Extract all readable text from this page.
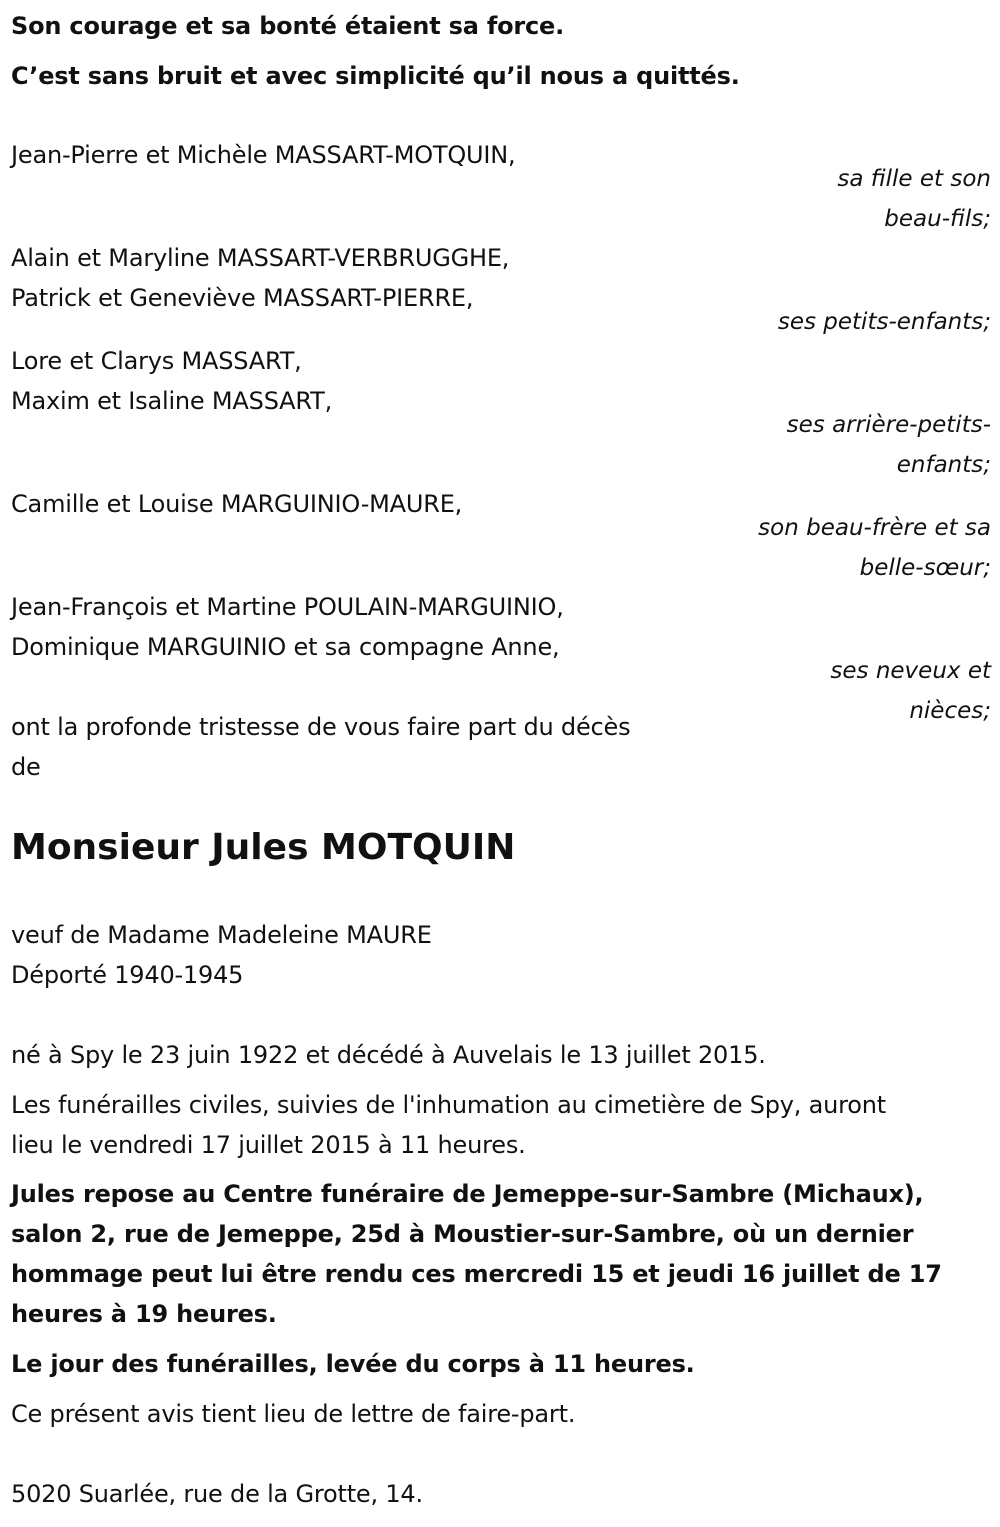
Son courage et sa bonté étaient sa force.
C’est sans bruit et avec simplicité qu’il nous a quittés.
Jean-Pierre et Michèle MASSART-MOTQUIN,
sa fille et son
beau-fils;
Alain et Maryline MASSART-VERBRUGGHE,
Patrick et Geneviève MASSART-PIERRE,
ses petits-enfants;
Lore et Clarys MASSART,
Maxim et Isaline MASSART,
ses arrière-petits-
enfants;
Camille et Louise MARGUINIO-MAURE,
son beau-frère et sa
belle-sœur;
Jean-François et Martine POULAIN-MARGUINIO,
Dominique MARGUINIO et sa compagne Anne,
ses neveux et
nièces;
ont la profonde tristesse de vous faire part du décès
de
Monsieur Jules MOTQUIN
veuf de Madame Madeleine MAURE
Déporté 1940-1945
né à Spy le 23 juin 1922 et décédé à Auvelais le 13 juillet 2015.
Les funérailles civiles, suivies de l'inhumation au cimetière de Spy, auront
lieu le vendredi 17 juillet 2015 à 11 heures.
Jules repose au Centre funéraire de Jemeppe-sur-Sambre (Michaux),
salon 2, rue de Jemeppe, 25d à Moustier-sur-Sambre, où un dernier
hommage peut lui être rendu ces mercredi 15 et jeudi 16 juillet de 17
heures à 19 heures.
Le jour des funérailles, levée du corps à 11 heures.
Ce présent avis tient lieu de lettre de faire-part.
5020 Suarlée, rue de la Grotte, 14.
